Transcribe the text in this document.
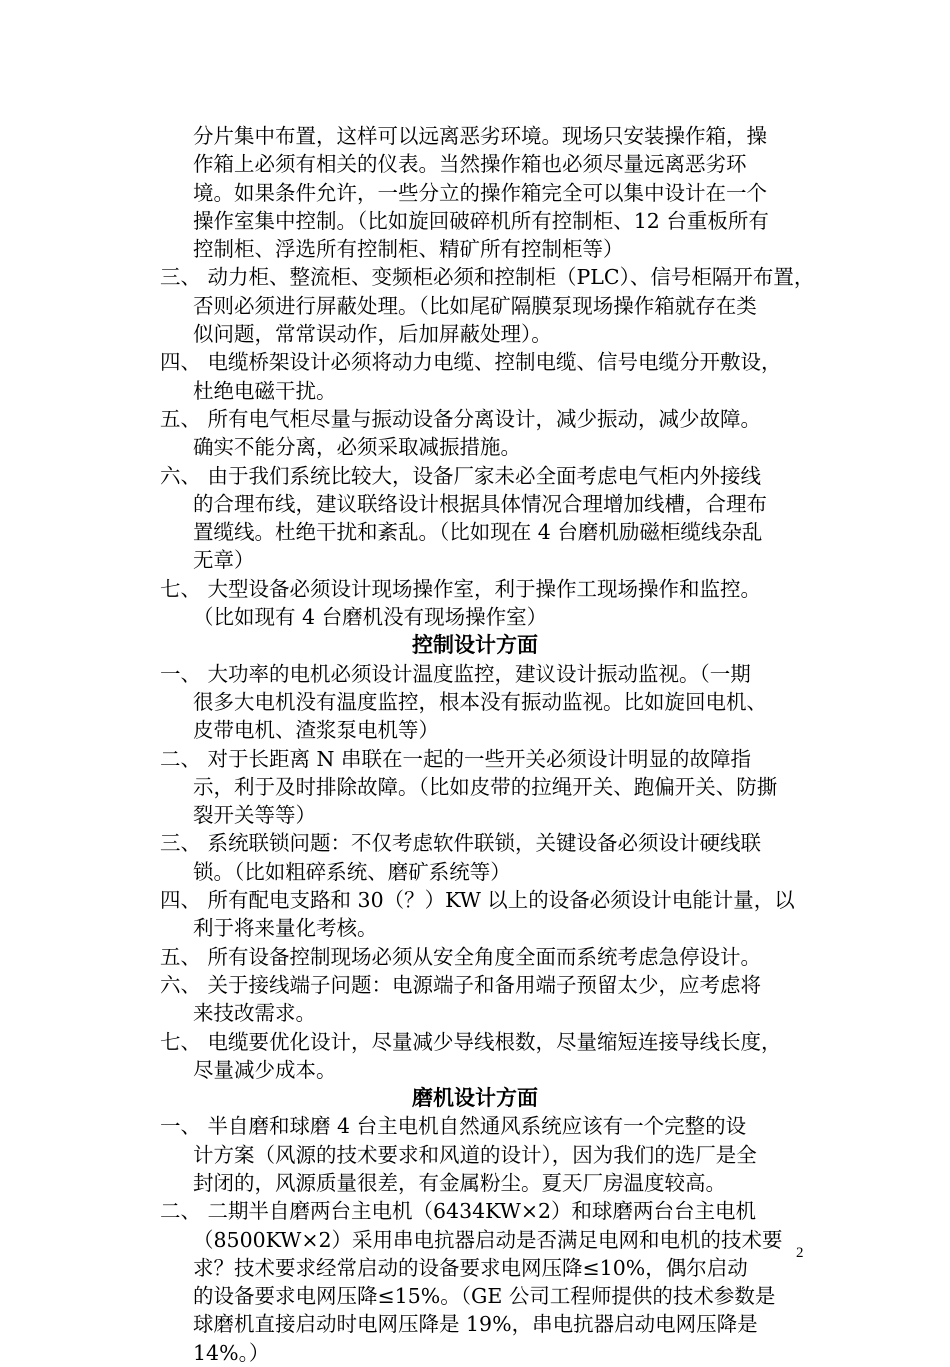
分片集中布置，这样可以远离恶劣环境。现场只安装操作箱，操
作箱上必须有相关的仪表。当然操作箱也必须尽量远离恶劣环
境。如果条件允许，一些分立的操作箱完全可以集中设计在一个
操作室集中控制。（比如旋回破碎机所有控制柜、12 台重板所有
控制柜、浮选所有控制柜、精矿所有控制柜等）
三、 动力柜、整流柜、变频柜必须和控制柜（PLC）、信号柜隔开布置，
否则必须进行屏蔽处理。（比如尾矿隔膜泵现场操作箱就存在类
似问题，常常误动作，后加屏蔽处理）。
四、 电缆桥架设计必须将动力电缆、控制电缆、信号电缆分开敷设，
杜绝电磁干扰。
五、 所有电气柜尽量与振动设备分离设计，减少振动，减少故障。
确实不能分离，必须采取减振措施。
六、 由于我们系统比较大，设备厂家未必全面考虑电气柜内外接线
的合理布线，建议联络设计根据具体情况合理增加线槽，合理布
置缆线。杜绝干扰和紊乱。（比如现在 4 台磨机励磁柜缆线杂乱
无章）
七、 大型设备必须设计现场操作室，利于操作工现场操作和监控。
（比如现有 4 台磨机没有现场操作室）
控制设计方面
一、 大功率的电机必须设计温度监控，建议设计振动监视。（一期
很多大电机没有温度监控，根本没有振动监视。比如旋回电机、
皮带电机、渣浆泵电机等）
二、 对于长距离 N 串联在一起的一些开关必须设计明显的故障指
示，利于及时排除故障。（比如皮带的拉绳开关、跑偏开关、防撕
裂开关等等）
三、 系统联锁问题：不仅考虑软件联锁，关键设备必须设计硬线联
锁。（比如粗碎系统、磨矿系统等）
四、 所有配电支路和 30（？）KW 以上的设备必须设计电能计量，以
利于将来量化考核。
五、 所有设备控制现场必须从安全角度全面而系统考虑急停设计。
六、 关于接线端子问题：电源端子和备用端子预留太少，应考虑将
来技改需求。
七、 电缆要优化设计，尽量减少导线根数，尽量缩短连接导线长度，
尽量减少成本。
磨机设计方面
一、 半自磨和球磨 4 台主电机自然通风系统应该有一个完整的设
计方案（风源的技术要求和风道的设计），因为我们的选厂是全
封闭的，风源质量很差，有金属粉尘。夏天厂房温度较高。
二、 二期半自磨两台主电机（6434KW×2）和球磨两台台主电机
（8500KW×2）采用串电抗器启动是否满足电网和电机的技术要
求？技术要求经常启动的设备要求电网压降≤10%，偶尔启动
的设备要求电网压降≤15%。（GE 公司工程师提供的技术参数是
球磨机直接启动时电网压降是 19%，串电抗器启动电网压降是
14%。）
2
